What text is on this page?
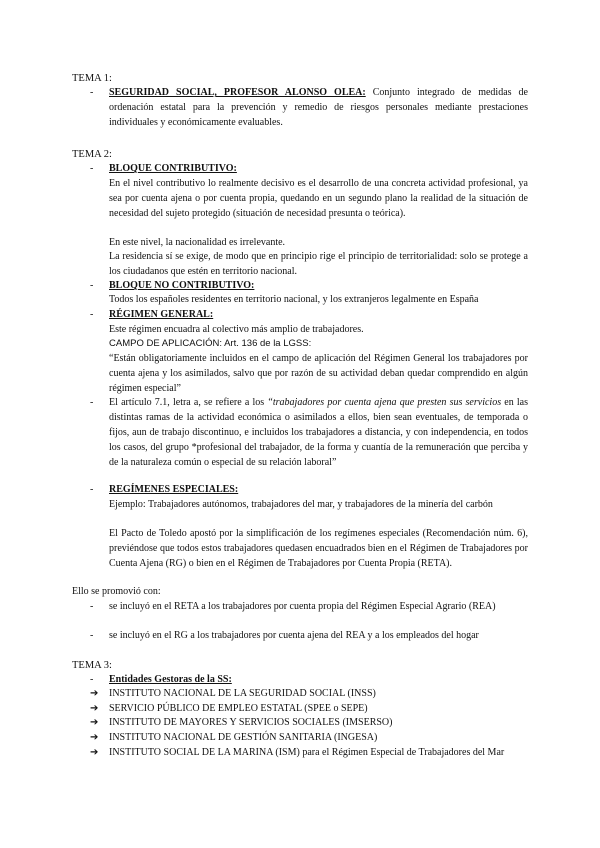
TEMA 1:
-	SEGURIDAD SOCIAL, PROFESOR ALONSO OLEA: Conjunto integrado de medidas de ordenación estatal para la prevención y remedio de riesgos personales mediante prestaciones individuales y económicamente evaluables.
TEMA 2:
-	BLOQUE CONTRIBUTIVO:
En el nivel contributivo lo realmente decisivo es el desarrollo de una concreta actividad profesional, ya sea por cuenta ajena o por cuenta propia, quedando en un segundo plano la realidad de la situación de necesidad del sujeto protegido (situación de necesidad presunta o teórica).
En este nivel, la nacionalidad es irrelevante.
La residencia sí se exige, de modo que en principio rige el principio de territorialidad: solo se protege a los ciudadanos que estén en territorio nacional.
-	BLOQUE NO CONTRIBUTIVO:
Todos los españoles residentes en territorio nacional, y los extranjeros legalmente en España
-	RÉGIMEN GENERAL:
Este régimen encuadra al colectivo más amplio de trabajadores.
CAMPO DE APLICACIÓN: Art. 136 de la LGSS:
“Están obligatoriamente incluidos en el campo de aplicación del Régimen General los trabajadores por cuenta ajena y los asimilados, salvo que por razón de su actividad deban quedar comprendido en algún régimen especial”
-	El artículo 7.1, letra a, se refiere a los “trabajadores por cuenta ajena que presten sus servicios en las distintas ramas de la actividad económica o asimilados a ellos, bien sean eventuales, de temporada o fijos, aun de trabajo discontinuo, e incluidos los trabajadores a distancia, y con independencia, en todos los casos, del grupo *profesional del trabajador, de la forma y cuantía de la remuneración que perciba y de la naturaleza común o especial de su relación laboral”
-	REGÍMENES ESPECIALES:
Ejemplo: Trabajadores autónomos, trabajadores del mar, y trabajadores de la minería del carbón
El Pacto de Toledo apostó por la simplificación de los regímenes especiales (Recomendación núm. 6), previéndose que todos estos trabajadores quedasen encuadrados bien en el Régimen de Trabajadores por Cuenta Ajena (RG) o bien en el Régimen de Trabajadores por Cuenta Propia (RETA).
Ello se promovió con:
-	se incluyó en el RETA a los trabajadores por cuenta propia del Régimen Especial Agrario (REA)
-	se incluyó en el RG a los trabajadores por cuenta ajena del REA y a los empleados del hogar
TEMA 3:
-	Entidades Gestoras de la SS:
➔	INSTITUTO NACIONAL DE LA SEGURIDAD SOCIAL (INSS)
➔	SERVICIO PÚBLICO DE EMPLEO ESTATAL (SPEE o SEPE)
➔	INSTITUTO DE MAYORES Y SERVICIOS SOCIALES (IMSERSO)
➔	INSTITUTO NACIONAL DE GESTIÓN SANITARIA (INGESA)
➔	INSTITUTO SOCIAL DE LA MARINA (ISM) para el Régimen Especial de Trabajadores del Mar
